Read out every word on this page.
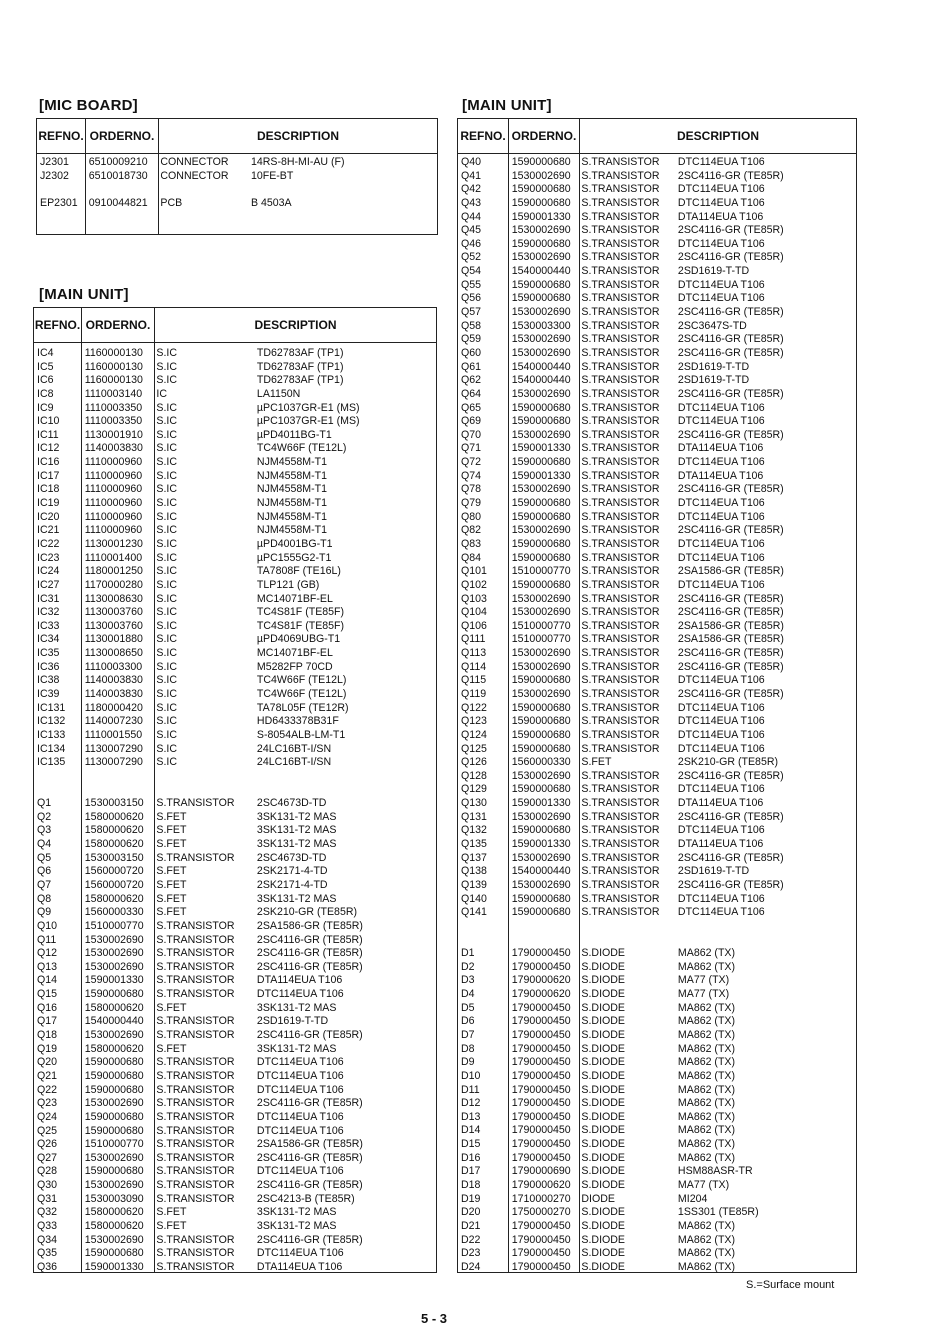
[MIC BOARD]
REF NO. ORDER NO.	DESCRIPTION
J2301	6510009210	CONNECTOR	14RS-8H-MI-AU (F)
J2302	6510018730	CONNECTOR	10FE-BT
EP2301	0910044821	PCB	B 4503A
[MAIN UNIT]
REF NO. ORDER NO.	DESCRIPTION
IC4	1160000130	S.IC	TD62783AF (TP1)
IC5	1160000130	S.IC	TD62783AF (TP1)
IC6	1160000130	S.IC	TD62783AF (TP1)
IC8	1110003140	IC	LA1150N
IC9	1110003350	S.IC	µPC1037GR-E1 (MS)
IC10	1110003350	S.IC	µPC1037GR-E1 (MS)
IC11	1130001910	S.IC	µPD4011BG-T1
IC12	1140003830	S.IC	TC4W66F (TE12L)
IC16	1110000960	S.IC	NJM4558M-T1
IC17	1110000960	S.IC	NJM4558M-T1
IC18	1110000960	S.IC	NJM4558M-T1
IC19	1110000960	S.IC	NJM4558M-T1
IC20	1110000960	S.IC	NJM4558M-T1
IC21	1110000960	S.IC	NJM4558M-T1
IC22	1130001230	S.IC	µPD4001BG-T1
IC23	1110001400	S.IC	µPC1555G2-T1
IC24	1180001250	S.IC	TA7808F (TE16L)
IC27	1170000280	S.IC	TLP121 (GB)
IC31	1130008630	S.IC	MC14071BF-EL
IC32	1130003760	S.IC	TC4S81F (TE85F)
IC33	1130003760	S.IC	TC4S81F (TE85F)
IC34	1130001880	S.IC	µPD4069UBG-T1
IC35	1130008650	S.IC	MC14071BF-EL
IC36	1110003300	S.IC	M5282FP 70CD
IC38	1140003830	S.IC	TC4W66F (TE12L)
IC39	1140003830	S.IC	TC4W66F (TE12L)
IC131	1180000420	S.IC	TA78L05F (TE12R)
IC132	1140007230	S.IC	HD6433378B31F
IC133	1110001550	S.IC	S-8054ALB-LM-T1
IC134	1130007290	S.IC	24LC16BT-I/SN
IC135	1130007290	S.IC	24LC16BT-I/SN
Q1	1530003150	S.TRANSISTOR	2SC4673D-TD
Q2	1580000620	S.FET	3SK131-T2 MAS
Q3	1580000620	S.FET	3SK131-T2 MAS
Q4	1580000620	S.FET	3SK131-T2 MAS
Q5	1530003150	S.TRANSISTOR	2SC4673D-TD
Q6	1560000720	S.FET	2SK2171-4-TD
Q7	1560000720	S.FET	2SK2171-4-TD
Q8	1580000620	S.FET	3SK131-T2 MAS
Q9	1560000330	S.FET	2SK210-GR (TE85R)
Q10	1510000770	S.TRANSISTOR	2SA1586-GR (TE85R)
Q11	1530002690	S.TRANSISTOR	2SC4116-GR (TE85R)
Q12	1530002690	S.TRANSISTOR	2SC4116-GR (TE85R)
Q13	1530002690	S.TRANSISTOR	2SC4116-GR (TE85R)
Q14	1590001330	S.TRANSISTOR	DTA114EUA T106
Q15	1590000680	S.TRANSISTOR	DTC114EUA T106
Q16	1580000620	S.FET	3SK131-T2 MAS
Q17	1540000440	S.TRANSISTOR	2SD1619-T-TD
Q18	1530002690	S.TRANSISTOR	2SC4116-GR (TE85R)
Q19	1580000620	S.FET	3SK131-T2 MAS
Q20	1590000680	S.TRANSISTOR	DTC114EUA T106
Q21	1590000680	S.TRANSISTOR	DTC114EUA T106
Q22	1590000680	S.TRANSISTOR	DTC114EUA T106
Q23	1530002690	S.TRANSISTOR	2SC4116-GR (TE85R)
Q24	1590000680	S.TRANSISTOR	DTC114EUA T106
Q25	1590000680	S.TRANSISTOR	DTC114EUA T106
Q26	1510000770	S.TRANSISTOR	2SA1586-GR (TE85R)
Q27	1530002690	S.TRANSISTOR	2SC4116-GR (TE85R)
Q28	1590000680	S.TRANSISTOR	DTC114EUA T106
Q30	1530002690	S.TRANSISTOR	2SC4116-GR (TE85R)
Q31	1530003090	S.TRANSISTOR	2SC4213-B (TE85R)
Q32	1580000620	S.FET	3SK131-T2 MAS
Q33	1580000620	S.FET	3SK131-T2 MAS
Q34	1530002690	S.TRANSISTOR	2SC4116-GR (TE85R)
Q35	1590000680	S.TRANSISTOR	DTC114EUA T106
Q36	1590001330	S.TRANSISTOR	DTA114EUA T106
[MAIN UNIT]
REF NO. ORDER NO.	DESCRIPTION
Q40	1590000680	S.TRANSISTOR	DTC114EUA T106
Q41	1530002690	S.TRANSISTOR	2SC4116-GR (TE85R)
Q42	1590000680	S.TRANSISTOR	DTC114EUA T106
Q43	1590000680	S.TRANSISTOR	DTC114EUA T106
Q44	1590001330	S.TRANSISTOR	DTA114EUA T106
Q45	1530002690	S.TRANSISTOR	2SC4116-GR (TE85R)
Q46	1590000680	S.TRANSISTOR	DTC114EUA T106
Q52	1530002690	S.TRANSISTOR	2SC4116-GR (TE85R)
Q54	1540000440	S.TRANSISTOR	2SD1619-T-TD
Q55	1590000680	S.TRANSISTOR	DTC114EUA T106
Q56	1590000680	S.TRANSISTOR	DTC114EUA T106
Q57	1530002690	S.TRANSISTOR	2SC4116-GR (TE85R)
Q58	1530003300	S.TRANSISTOR	2SC3647S-TD
Q59	1530002690	S.TRANSISTOR	2SC4116-GR (TE85R)
Q60	1530002690	S.TRANSISTOR	2SC4116-GR (TE85R)
Q61	1540000440	S.TRANSISTOR	2SD1619-T-TD
Q62	1540000440	S.TRANSISTOR	2SD1619-T-TD
Q64	1530002690	S.TRANSISTOR	2SC4116-GR (TE85R)
Q65	1590000680	S.TRANSISTOR	DTC114EUA T106
Q69	1590000680	S.TRANSISTOR	DTC114EUA T106
Q70	1530002690	S.TRANSISTOR	2SC4116-GR (TE85R)
Q71	1590001330	S.TRANSISTOR	DTA114EUA T106
Q72	1590000680	S.TRANSISTOR	DTC114EUA T106
Q74	1590001330	S.TRANSISTOR	DTA114EUA T106
Q78	1530002690	S.TRANSISTOR	2SC4116-GR (TE85R)
Q79	1590000680	S.TRANSISTOR	DTC114EUA T106
Q80	1590000680	S.TRANSISTOR	DTC114EUA T106
Q82	1530002690	S.TRANSISTOR	2SC4116-GR (TE85R)
Q83	1590000680	S.TRANSISTOR	DTC114EUA T106
Q84	1590000680	S.TRANSISTOR	DTC114EUA T106
Q101	1510000770	S.TRANSISTOR	2SA1586-GR (TE85R)
Q102	1590000680	S.TRANSISTOR	DTC114EUA T106
Q103	1530002690	S.TRANSISTOR	2SC4116-GR (TE85R)
Q104	1530002690	S.TRANSISTOR	2SC4116-GR (TE85R)
Q106	1510000770	S.TRANSISTOR	2SA1586-GR (TE85R)
Q111	1510000770	S.TRANSISTOR	2SA1586-GR (TE85R)
Q113	1530002690	S.TRANSISTOR	2SC4116-GR (TE85R)
Q114	1530002690	S.TRANSISTOR	2SC4116-GR (TE85R)
Q115	1590000680	S.TRANSISTOR	DTC114EUA T106
Q119	1530002690	S.TRANSISTOR	2SC4116-GR (TE85R)
Q122	1590000680	S.TRANSISTOR	DTC114EUA T106
Q123	1590000680	S.TRANSISTOR	DTC114EUA T106
Q124	1590000680	S.TRANSISTOR	DTC114EUA T106
Q125	1590000680	S.TRANSISTOR	DTC114EUA T106
Q126	1560000330	S.FET	2SK210-GR (TE85R)
Q128	1530002690	S.TRANSISTOR	2SC4116-GR (TE85R)
Q129	1590000680	S.TRANSISTOR	DTC114EUA T106
Q130	1590001330	S.TRANSISTOR	DTA114EUA T106
Q131	1530002690	S.TRANSISTOR	2SC4116-GR (TE85R)
Q132	1590000680	S.TRANSISTOR	DTC114EUA T106
Q135	1590001330	S.TRANSISTOR	DTA114EUA T106
Q137	1530002690	S.TRANSISTOR	2SC4116-GR (TE85R)
Q138	1540000440	S.TRANSISTOR	2SD1619-T-TD
Q139	1530002690	S.TRANSISTOR	2SC4116-GR (TE85R)
Q140	1590000680	S.TRANSISTOR	DTC114EUA T106
Q141	1590000680	S.TRANSISTOR	DTC114EUA T106
D1	1790000450	S.DIODE	MA862 (TX)
D2	1790000450	S.DIODE	MA862 (TX)
D3	1790000620	S.DIODE	MA77 (TX)
D4	1790000620	S.DIODE	MA77 (TX)
D5	1790000450	S.DIODE	MA862 (TX)
D6	1790000450	S.DIODE	MA862 (TX)
D7	1790000450	S.DIODE	MA862 (TX)
D8	1790000450	S.DIODE	MA862 (TX)
D9	1790000450	S.DIODE	MA862 (TX)
D10	1790000450	S.DIODE	MA862 (TX)
D11	1790000450	S.DIODE	MA862 (TX)
D12	1790000450	S.DIODE	MA862 (TX)
D13	1790000450	S.DIODE	MA862 (TX)
D14	1790000450	S.DIODE	MA862 (TX)
D15	1790000450	S.DIODE	MA862 (TX)
D16	1790000450	S.DIODE	MA862 (TX)
D17	1790000690	S.DIODE	HSM88ASR-TR
D18	1790000620	S.DIODE	MA77 (TX)
D19	1710000270	DIODE	MI204
D20	1750000270	S.DIODE	1SS301 (TE85R)
D21	1790000450	S.DIODE	MA862 (TX)
D22	1790000450	S.DIODE	MA862 (TX)
D23	1790000450	S.DIODE	MA862 (TX)
D24	1790000450	S.DIODE	MA862 (TX)
S.=Surface mount
5 - 3
